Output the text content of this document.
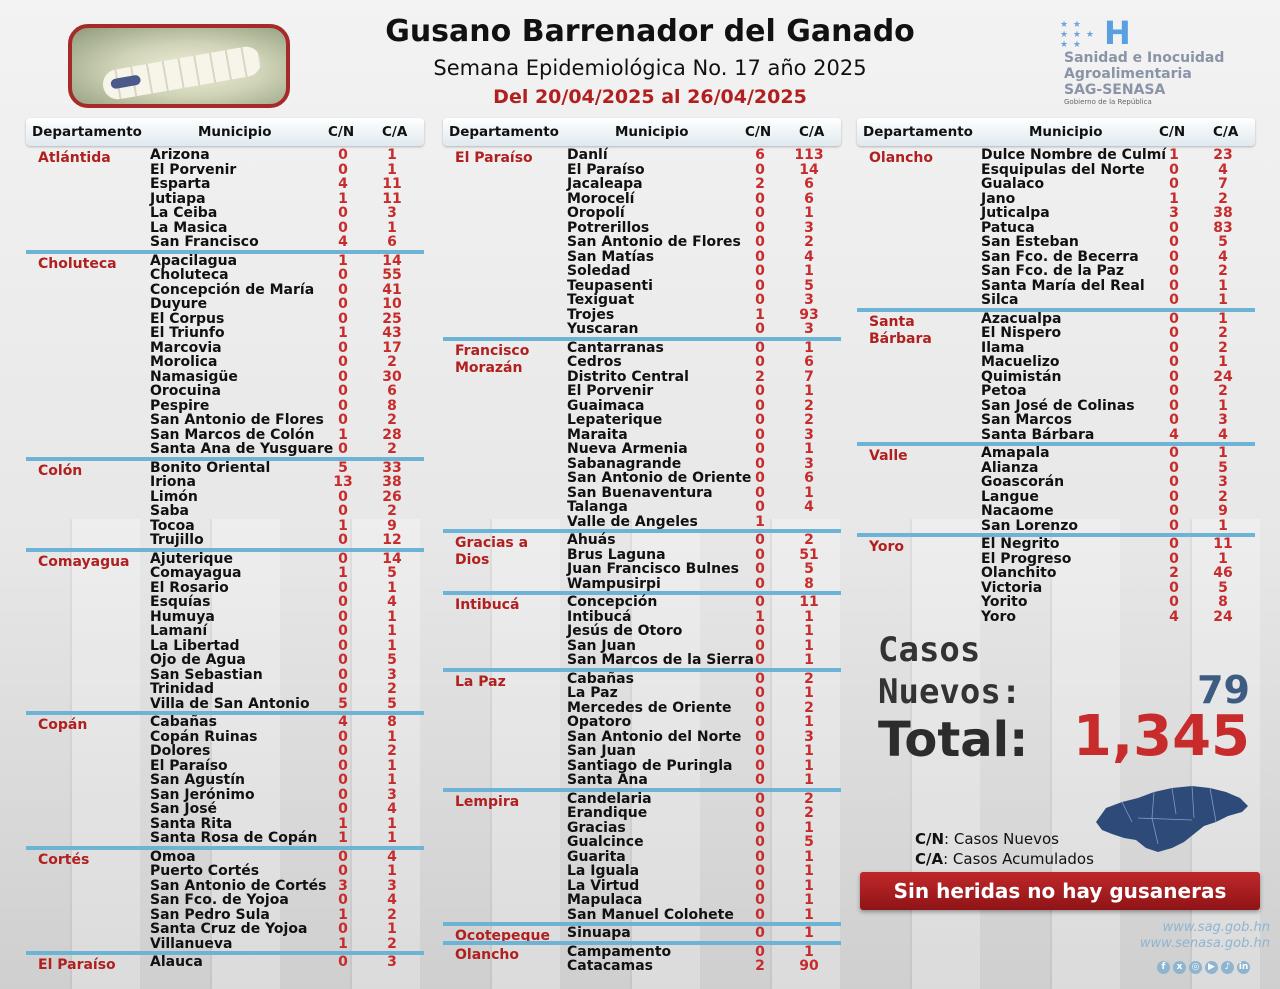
Gusano Barrenador del Ganado
Semana Epidemiológica No. 17 año 2025
Del 20/04/2025 al 26/04/2025
★ ★
★ ★ ★
★ ★ H
Sanidad e Inocuidad
Agroalimentaria
SAG-SENASA
Gobierno de la República
Departamento	Municipio	C/N C/A
Atlántida	Arizona	0	1
El Porvenir	0	1
Esparta	4	11
Jutiapa	1	11
La Ceiba	0	3
La Masica	0	1
San Francisco	4	6
Choluteca	Apacilagua	1	14
Choluteca	0	55
Concepción de María	0	41
Duyure	0	10
El Corpus	0	25
El Triunfo	1	43
Marcovia	0	17
Morolica	0	2
Namasigüe	0	30
Orocuina	0	6
Pespire	0	8
San Antonio de Flores	0	2
San Marcos de Colón	1	28
Santa Ana de Yusguare 0	2
Colón	Bonito Oriental	5	33
Iriona	13	38
Limón	0	26
Saba	0	2
Tocoa	1	9
Trujillo	0	12
Comayagua	Ajuterique	0	14
Comayagua	1	5
El Rosario	0	1
Esquías	0	4
Humuya	0	1
Lamaní	0	1
La Libertad	0	1
Ojo de Agua	0	5
San Sebastian	0	3
Trinidad	0	2
Villa de San Antonio	5	5
Copán	Cabañas	4	8
Copán Ruinas	0	1
Dolores	0	2
El Paraíso	0	1
San Agustín	0	1
San Jerónimo	0	3
San José	0	4
Santa Rita	1	1
Santa Rosa de Copán	1	1
Cortés	Omoa	0	4
Puerto Cortés	0	1
San Antonio de Cortés 3	3
San Fco. de Yojoa	0	4
San Pedro Sula	1	2
Santa Cruz de Yojoa	0	1
Villanueva	1	2
El Paraíso	Alauca	0	3
Departamento	Municipio	C/N C/A
El Paraíso	Danlí	6	113
El Paraíso	0	14
Jacaleapa	2	6
Morocelí	0	6
Oropolí	0	1
Potrerillos	0	3
San Antonio de Flores	0	2
San Matías	0	4
Soledad	0	1
Teupasenti	0	5
Texiguat	0	3
Trojes	1	93
Yuscaran	0	3
Francisco Morazán
Cantarranas	0	1
Cedros	0	6
Distrito Central	2	7
El Porvenir	0	1
Guaimaca	0	2
Lepaterique	0	2
Maraita	0	3
Nueva Armenia	0	1
Sabanagrande	0	3
San Antonio de Oriente 0	6
San Buenaventura	0	1
Talanga	0	4
Valle de Angeles	1
Gracias a Dios
Ahuás	0	2
Brus Laguna	0	51
Juan Francisco Bulnes	0	5
Wampusirpi	0	8
Intibucá	Concepción	0	11
Intibucá	1	1
Jesús de Otoro	0	1
San Juan	0	1
San Marcos de la Sierra 0	1
La Paz	Cabañas	0	2
La Paz	0	1
Mercedes de Oriente	0	2
Opatoro	0	1
San Antonio del Norte 0	3
San Juan	0	1
Santiago de Puringla	0	1
Santa Ana	0	1
Lempira	Candelaria	0	2
Erandique	0	2
Gracias	0	1
Gualcince	0	5
Guarita	0	1
La Iguala	0	1
La Virtud	0	1
Mapulaca	0	1
San Manuel Colohete	0	1
Ocotepeque	Sinuapa	0	1
Olancho	Campamento	0	1
Catacamas	2	90
Departamento	Municipio	C/N C/A
Olancho	Dulce Nombre de Culmí 1	23
Esquipulas del Norte	0	4
Gualaco	0	7
Jano	1	2
Juticalpa	3	38
Patuca	0	83
San Esteban	0	5
San Fco. de Becerra	0	4
San Fco. de la Paz	0	2
Santa María del Real	0	1
Silca	0	1
Santa Bárbara
Azacualpa	0	1
El Nispero	0	2
Ilama	0	2
Macuelizo	0	1
Quimistán	0	24
Petoa	0	2
San José de Colinas	0	1
San Marcos	0	3
Santa Bárbara	4	4
Valle	Amapala	0	1
Alianza	0	5
Goascorán	0	3
Langue	0	2
Nacaome	0	9
San Lorenzo	0	1
Yoro	El Negrito	0	11
El Progreso	0	1
Olanchito	2	46
Victoria	0	5
Yorito	0	8
Yoro	4	24
Casos
Nuevos:	79
Total: 1,345
C/N: Casos Nuevos
C/A: Casos Acumulados
Sin heridas no hay gusaneras
www.sag.gob.hn
www.senasa.gob.hn
f x ◎ ▶ ♪ in
